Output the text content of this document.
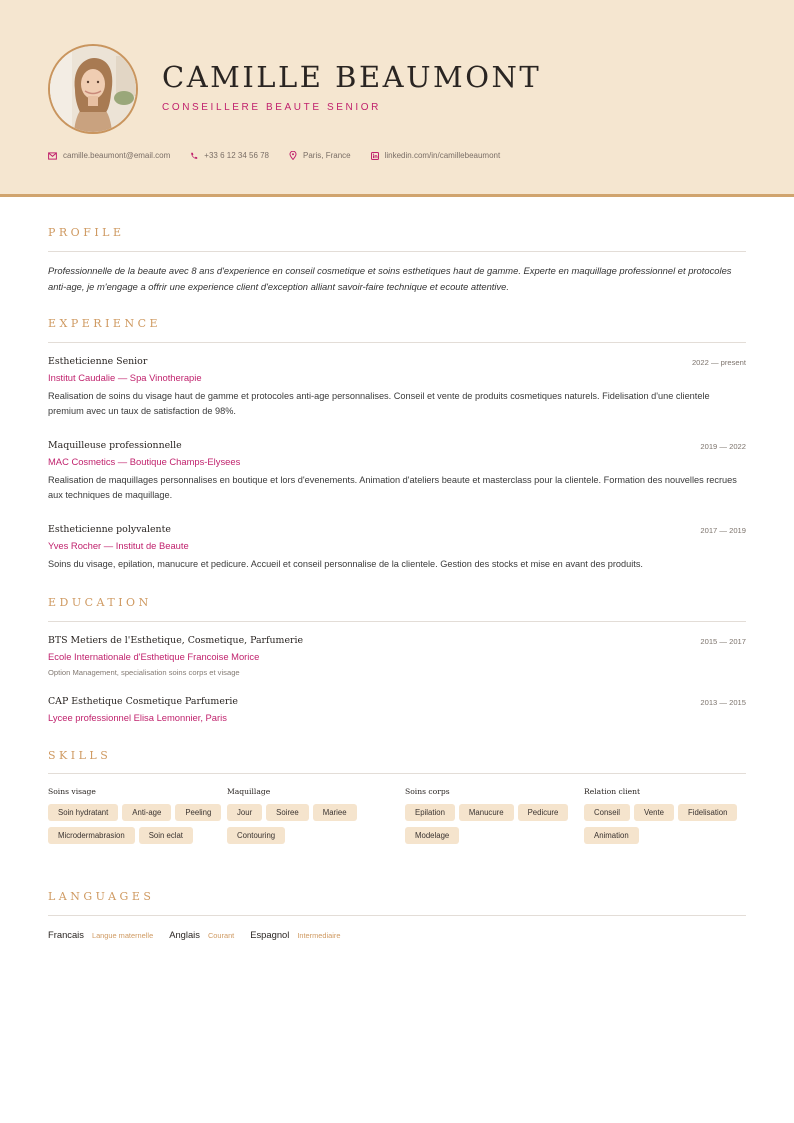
CAMILLE BEAUMONT
CONSEILLERE BEAUTE SENIOR
camille.beaumont@email.com	+33 6 12 34 56 78	Paris, France	linkedin.com/in/camillebeaumont
PROFILE

Professionnelle de la beaute avec 8 ans d'experience en conseil cosmetique et soins esthetiques haut de gamme. Experte en maquillage professionnel et protocoles anti-age, je m'engage a offrir une experience client d'exception alliant savoir-faire technique et ecoute attentive.

EXPERIENCE
Estheticienne Senior	2022 — present
Institut Caudalie — Spa Vinotherapie

Realisation de soins du visage haut de gamme et protocoles anti-age personnalises. Conseil et vente de produits cosmetiques naturels. Fidelisation d'une clientele premium avec un taux de satisfaction de 98%.

Maquilleuse professionnelle	2019 — 2022
MAC Cosmetics — Boutique Champs-Elysees

Realisation de maquillages personnalises en boutique et lors d'evenements. Animation d'ateliers beaute et masterclass pour la clientele. Formation des nouvelles recrues aux techniques de maquillage.

Estheticienne polyvalente	2017 — 2019
Yves Rocher — Institut de Beaute

Soins du visage, epilation, manucure et pedicure. Accueil et conseil personnalise de la clientele. Gestion des stocks et mise en avant des produits.

EDUCATION
BTS Metiers de l'Esthetique, Cosmetique, Parfumerie	2015 — 2017
Ecole Internationale d'Esthetique Francoise Morice
Option Management, specialisation soins corps et visage
CAP Esthetique Cosmetique Parfumerie	2013 — 2015
Lycee professionnel Elisa Lemonnier, Paris
SKILLS
Soins visage
Soin hydratant	Anti-age	Peeling
Microdermabrasion	Soin eclat
Maquillage
Jour	Soiree	Mariee
Contouring
Soins corps
Epilation	Manucure	Pedicure
Modelage
Relation client
Conseil	Vente	Fidelisation
Animation
LANGUAGES
Francais Langue maternelle Anglais Courant Espagnol Intermediaire
